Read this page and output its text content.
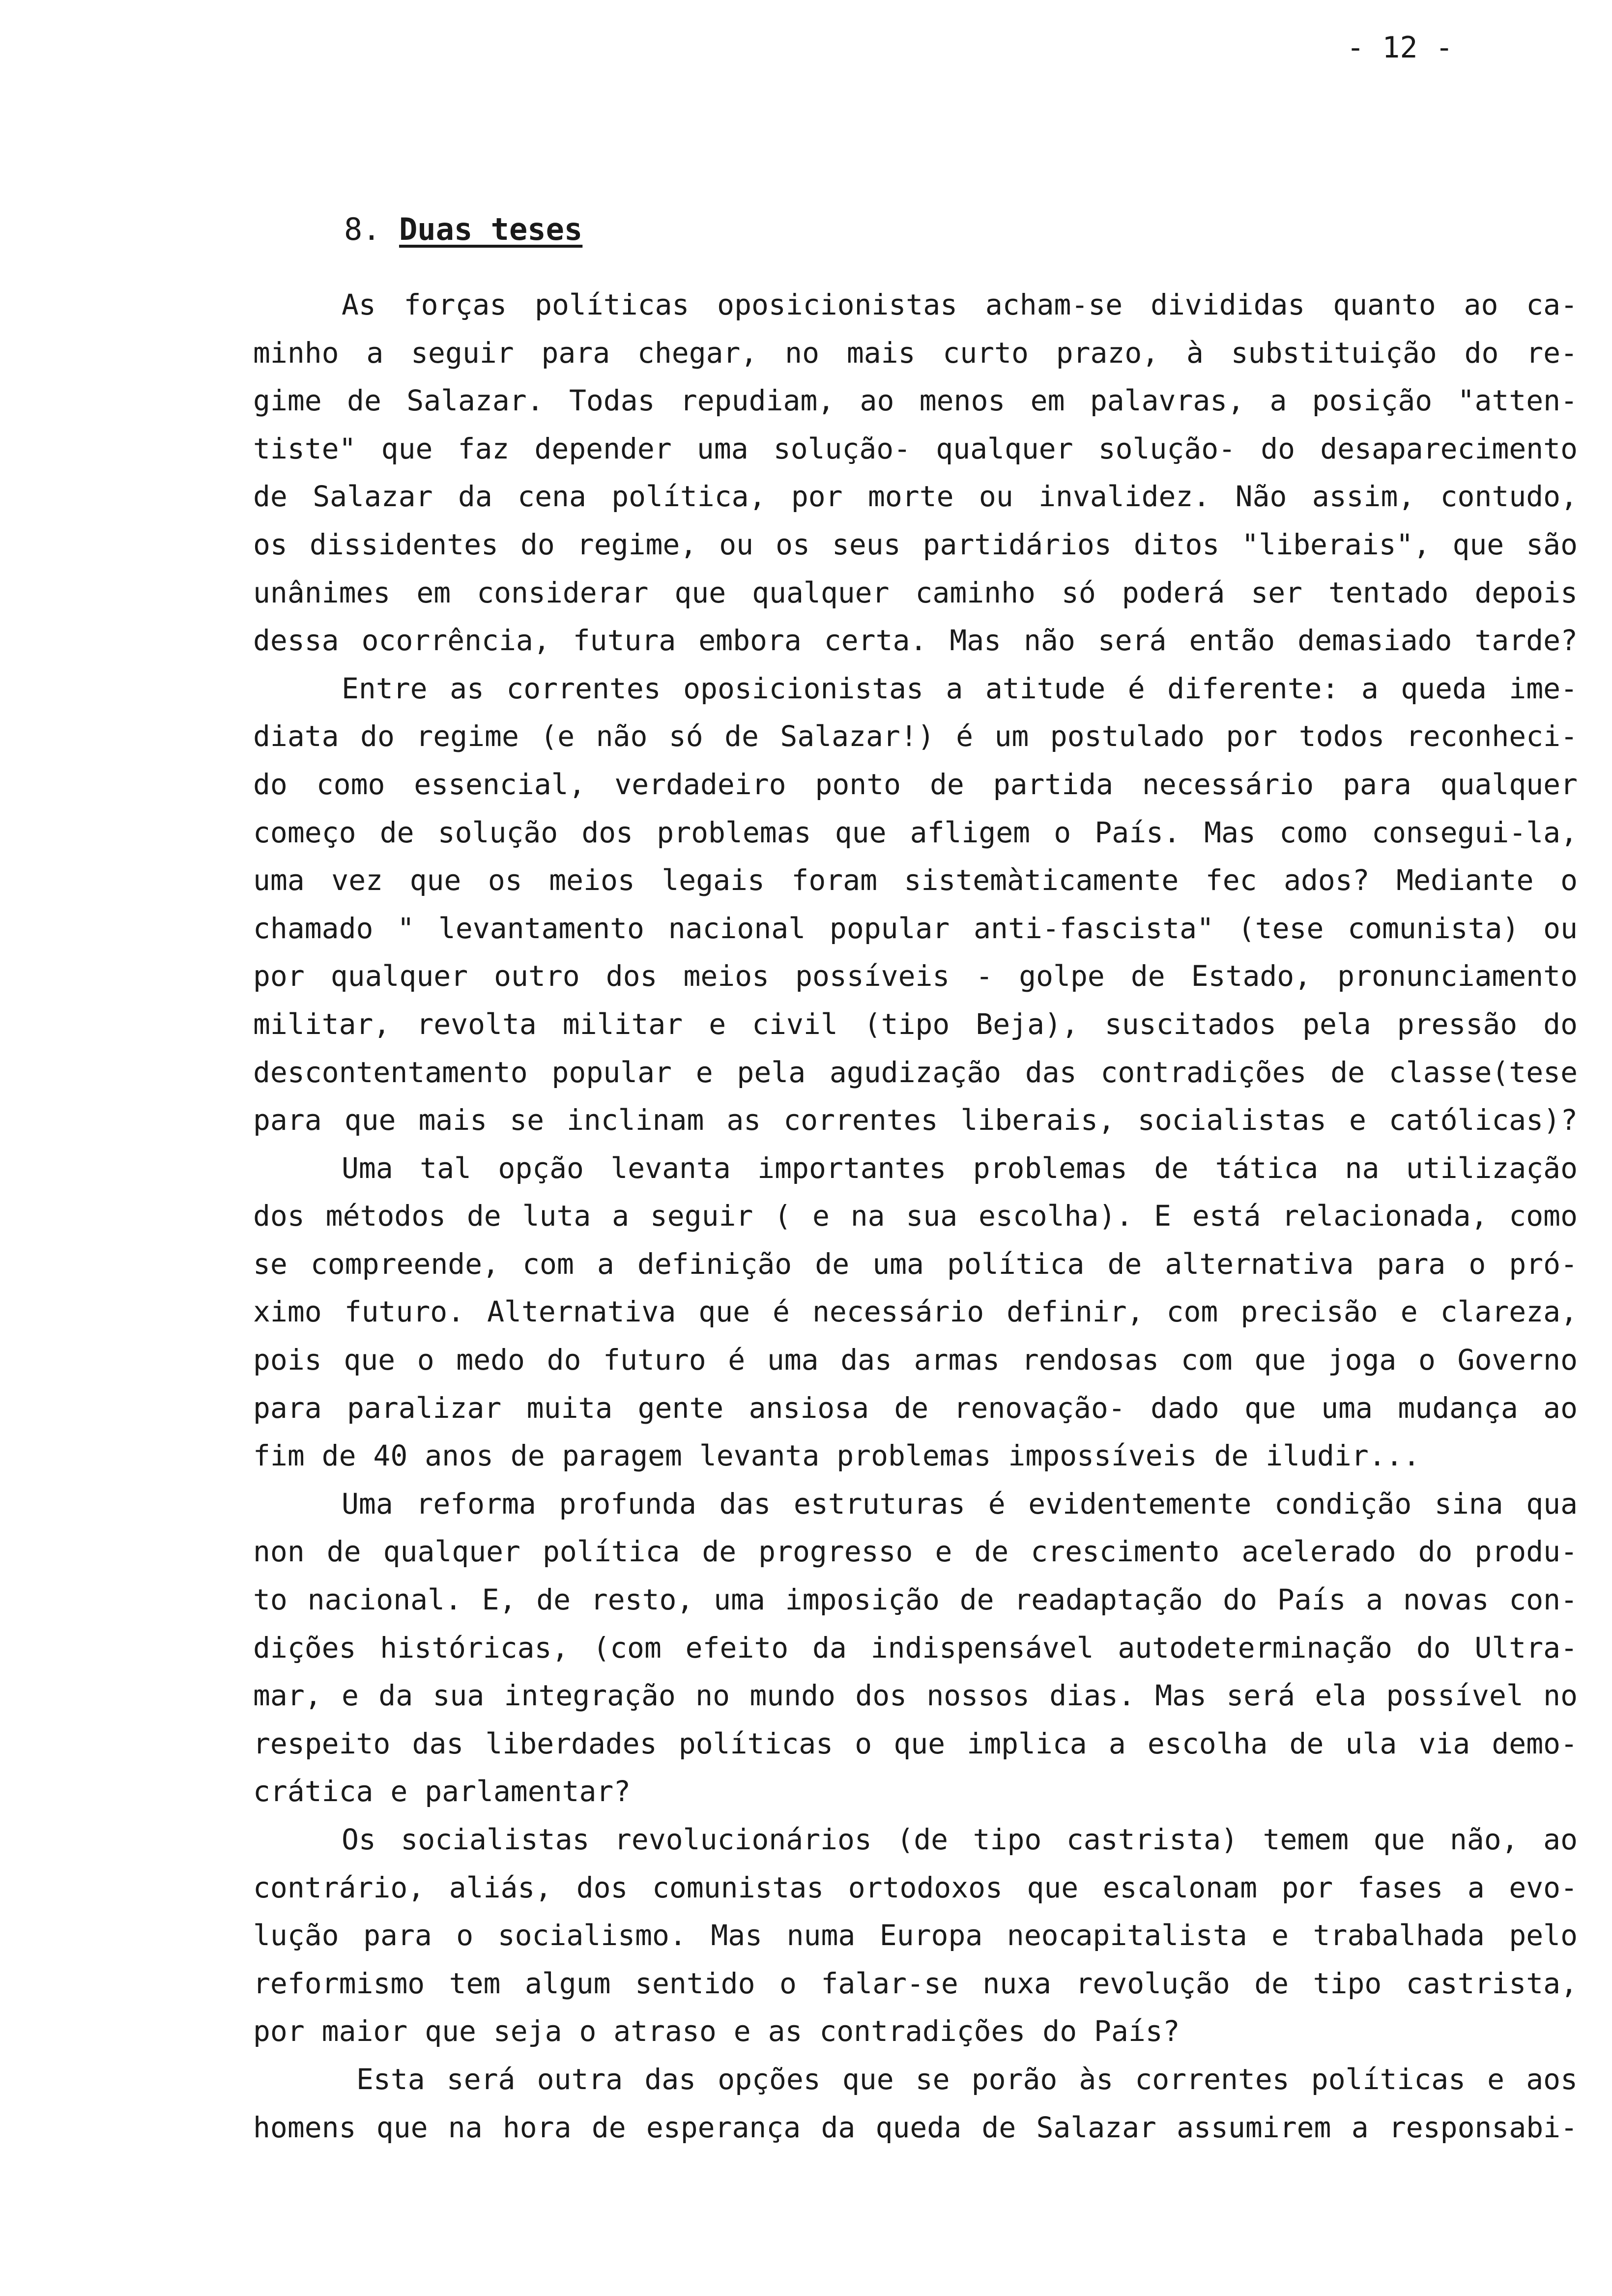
- 12 -
8. Duas teses
As forças políticas oposicionistas acham-se divididas quanto ao ca-
minho a seguir para chegar, no mais curto prazo, à substituição do re-
gime de Salazar. Todas repudiam, ao menos em palavras, a posição "atten-
tiste" que faz depender uma solução- qualquer solução- do desaparecimento
de Salazar da cena política, por morte ou invalidez. Não assim, contudo,
os dissidentes do regime, ou os seus partidários ditos "liberais", que são
unânimes em considerar que qualquer caminho só poderá ser tentado depois
dessa ocorrência, futura embora certa. Mas não será então demasiado tarde?
Entre as correntes oposicionistas a atitude é diferente: a queda ime-
diata do regime (e não só de Salazar!) é um postulado por todos reconheci-
do como essencial, verdadeiro ponto de partida necessário para qualquer
começo de solução dos problemas que afligem o País. Mas como consegui-la,
uma vez que os meios legais foram sistemàticamente fec ados? Mediante o
chamado " levantamento nacional popular anti-fascista" (tese comunista) ou
por qualquer outro dos meios possíveis - golpe de Estado, pronunciamento
militar, revolta militar e civil (tipo Beja), suscitados pela pressão do
descontentamento popular e pela agudização das contradições de classe(tese
para que mais se inclinam as correntes liberais, socialistas e católicas)?
Uma tal opção levanta importantes problemas de tática na utilização
dos métodos de luta a seguir ( e na sua escolha). E está relacionada, como
se compreende, com a definição de uma política de alternativa para o pró-
ximo futuro. Alternativa que é necessário definir, com precisão e clareza,
pois que o medo do futuro é uma das armas rendosas com que joga o Governo
para paralizar muita gente ansiosa de renovação- dado que uma mudança ao
fim de 40 anos de paragem levanta problemas impossíveis de iludir...
Uma reforma profunda das estruturas é evidentemente condição sina qua
non de qualquer política de progresso e de crescimento acelerado do produ-
to nacional. E, de resto, uma imposição de readaptação do País a novas con-
dições históricas, (com efeito da indispensável autodeterminação do Ultra-
mar, e da sua integração no mundo dos nossos dias. Mas será ela possível no
respeito das liberdades políticas o que implica a escolha de ula via demo-
crática e parlamentar?
Os socialistas revolucionários (de tipo castrista) temem que não, ao
contrário, aliás, dos comunistas ortodoxos que escalonam por fases a evo-
lução para o socialismo. Mas numa Europa neocapitalista e trabalhada pelo
reformismo tem algum sentido o falar-se nuxa revolução de tipo castrista,
por maior que seja o atraso e as contradições do País?
Esta será outra das opções que se porão às correntes políticas e aos
homens que na hora de esperança da queda de Salazar assumirem a responsabi-
